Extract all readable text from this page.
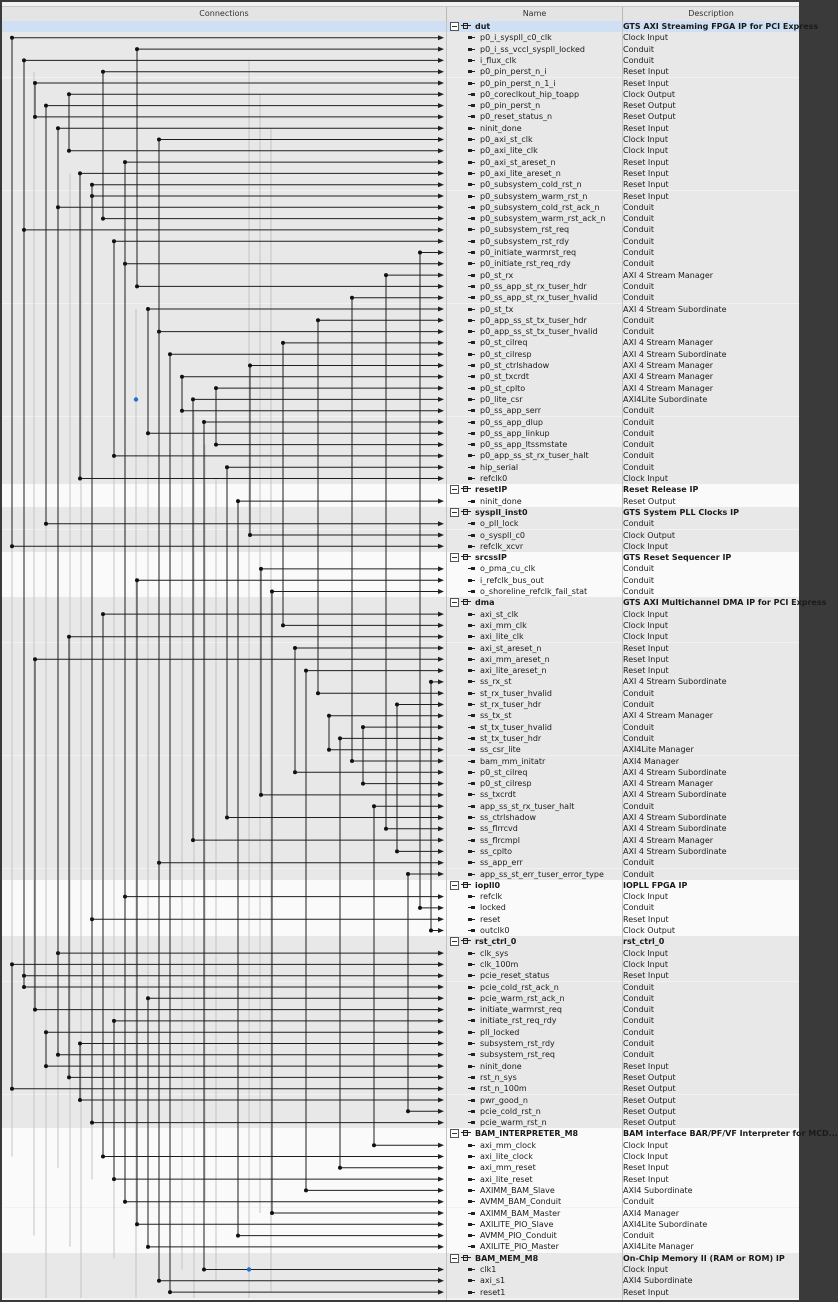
Connections	Name	Description
dut	GTS AXI Streaming FPGA IP for PCI Express
p0_i_syspll_c0_clk	Clock Input
p0_i_ss_vccl_syspll_locked	Conduit
i_flux_clk	Conduit
p0_pin_perst_n_i	Reset Input
p0_pin_perst_n_1_i	Reset Input
p0_coreclkout_hip_toapp	Clock Output
p0_pin_perst_n	Reset Output
p0_reset_status_n	Reset Output
ninit_done	Reset Input
p0_axi_st_clk	Clock Input
p0_axi_lite_clk	Clock Input
p0_axi_st_areset_n	Reset Input
p0_axi_lite_areset_n	Reset Input
p0_subsystem_cold_rst_n	Reset Input
p0_subsystem_warm_rst_n	Reset Input
p0_subsystem_cold_rst_ack_n	Conduit
p0_subsystem_warm_rst_ack_n	Conduit
p0_subsystem_rst_req	Conduit
p0_subsystem_rst_rdy	Conduit
p0_initiate_warmrst_req	Conduit
p0_initiate_rst_req_rdy	Conduit
p0_st_rx	AXI 4 Stream Manager
p0_ss_app_st_rx_tuser_hdr	Conduit
p0_ss_app_st_rx_tuser_hvalid	Conduit
p0_st_tx	AXI 4 Stream Subordinate
p0_app_ss_st_tx_tuser_hdr	Conduit
p0_app_ss_st_tx_tuser_hvalid	Conduit
p0_st_cilreq	AXI 4 Stream Manager
p0_st_cilresp	AXI 4 Stream Subordinate
p0_st_ctrlshadow	AXI 4 Stream Manager
p0_st_txcrdt	AXI 4 Stream Manager
p0_st_cplto	AXI 4 Stream Manager
p0_lite_csr	AXI4Lite Subordinate
p0_ss_app_serr	Conduit
p0_ss_app_dlup	Conduit
p0_ss_app_linkup	Conduit
p0_ss_app_ltssmstate	Conduit
p0_app_ss_st_rx_tuser_halt	Conduit
hip_serial	Conduit
refclk0	Clock Input
resetIP	Reset Release IP
ninit_done	Reset Output
syspll_inst0	GTS System PLL Clocks IP
o_pll_lock	Conduit
o_syspll_c0	Clock Output
refclk_xcvr	Clock Input
srcssIP	GTS Reset Sequencer IP
o_pma_cu_clk	Conduit
i_refclk_bus_out	Conduit
o_shoreline_refclk_fail_stat	Conduit
dma	GTS AXI Multichannel DMA IP for PCI Express
axi_st_clk	Clock Input
axi_mm_clk	Clock Input
axi_lite_clk	Clock Input
axi_st_areset_n	Reset Input
axi_mm_areset_n	Reset Input
axi_lite_areset_n	Reset Input
ss_rx_st	AXI 4 Stream Subordinate
st_rx_tuser_hvalid	Conduit
st_rx_tuser_hdr	Conduit
ss_tx_st	AXI 4 Stream Manager
st_tx_tuser_hvalid	Conduit
st_tx_tuser_hdr	Conduit
ss_csr_lite	AXI4Lite Manager
bam_mm_initatr	AXI4 Manager
p0_st_cilreq	AXI 4 Stream Subordinate
p0_st_cilresp	AXI 4 Stream Manager
ss_txcrdt	AXI 4 Stream Subordinate
app_ss_st_rx_tuser_halt	Conduit
ss_ctrlshadow	AXI 4 Stream Subordinate
ss_flrrcvd	AXI 4 Stream Subordinate
ss_flrcmpl	AXI 4 Stream Manager
ss_cplto	AXI 4 Stream Subordinate
ss_app_err	Conduit
app_ss_st_err_tuser_error_type	Conduit
iopll0	IOPLL FPGA IP
refclk	Clock Input
locked	Conduit
reset	Reset Input
outclk0	Clock Output
rst_ctrl_0	rst_ctrl_0
clk_sys	Clock Input
clk_100m	Clock Input
pcie_reset_status	Reset Input
pcie_cold_rst_ack_n	Conduit
pcie_warm_rst_ack_n	Conduit
initiate_warmrst_req	Conduit
initiate_rst_req_rdy	Conduit
pll_locked	Conduit
subsystem_rst_rdy	Conduit
subsystem_rst_req	Conduit
ninit_done	Reset Input
rst_n_sys	Reset Output
rst_n_100m	Reset Output
pwr_good_n	Reset Output
pcie_cold_rst_n	Reset Output
pcie_warm_rst_n	Reset Output
BAM_INTERPRETER_M8	BAM interface BAR/PF/VF Interpreter for MCD...
axi_mm_clock	Clock Input
axi_lite_clock	Clock Input
axi_mm_reset	Reset Input
axi_lite_reset	Reset Input
AXIMM_BAM_Slave	AXI4 Subordinate
AVMM_BAM_Conduit	Conduit
AXIMM_BAM_Master	AXI4 Manager
AXILITE_PIO_Slave	AXI4Lite Subordinate
AVMM_PIO_Conduit	Conduit
AXILITE_PIO_Master	AXI4Lite Manager
BAM_MEM_M8	On-Chip Memory II (RAM or ROM) IP
clk1	Clock Input
axi_s1	AXI4 Subordinate
reset1	Reset Input
